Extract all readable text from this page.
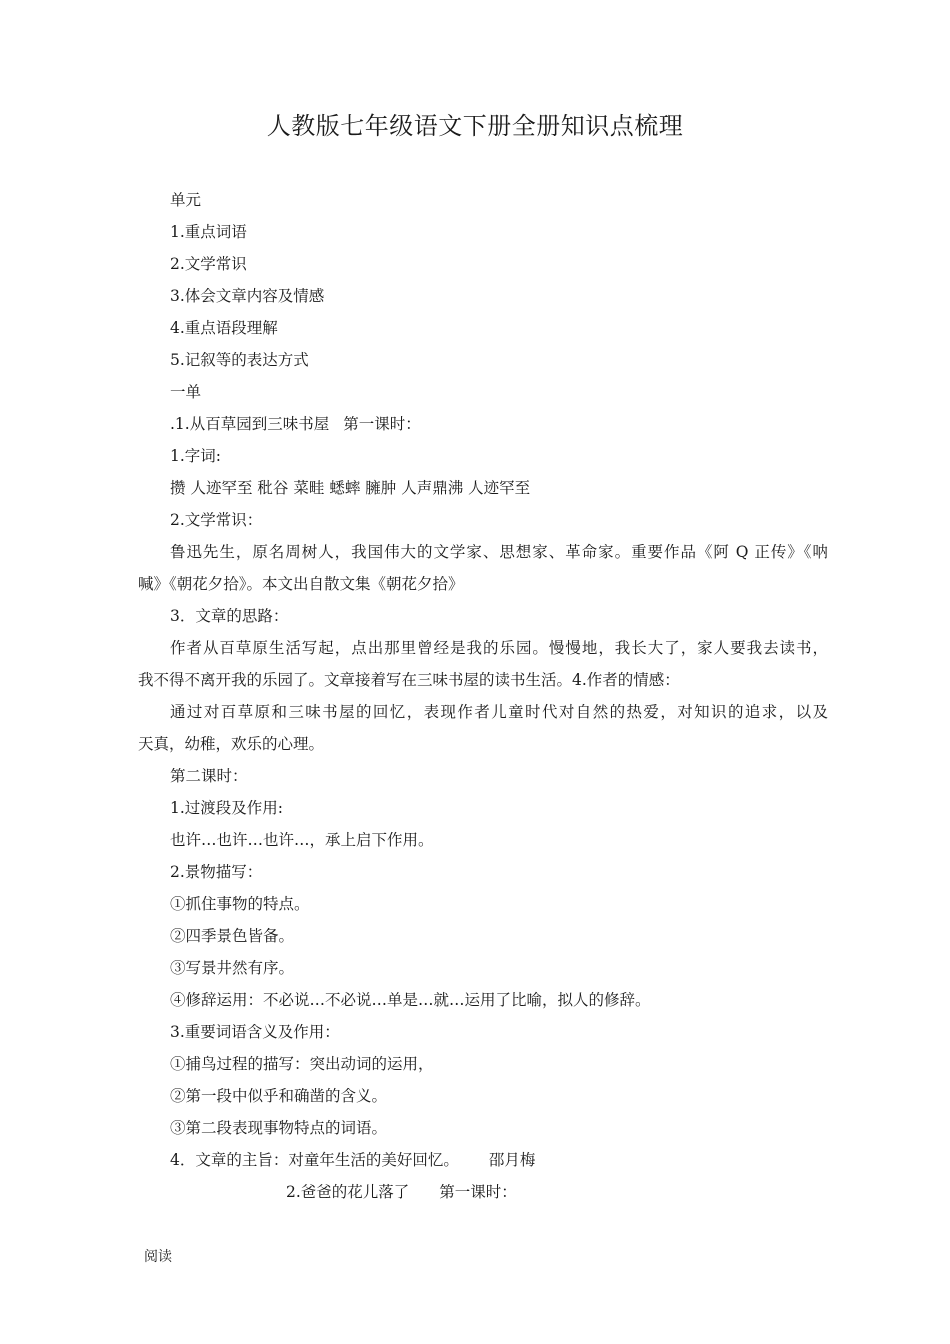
人教版七年级语文下册全册知识点梳理
单元
1.重点词语
2.文学常识
3.体会文章内容及情感
4.重点语段理解
5.记叙等的表达方式
一单
.1.从百草园到三味书屋 第一课时：
1.字词:
攒 人迹罕至 秕谷 菜畦 蟋蟀 臃肿 人声鼎沸 人迹罕至
2.文学常识：
鲁迅先生，原名周树人，我国伟大的文学家、思想家、革命家。重要作品《阿 Q 正传》《呐
喊》《朝花夕拾》。本文出自散文集《朝花夕拾》
3．文章的思路：
作者从百草原生活写起，点出那里曾经是我的乐园。慢慢地，我长大了，家人要我去读书，
我不得不离开我的乐园了。文章接着写在三味书屋的读书生活。4.作者的情感：
通过对百草原和三味书屋的回忆，表现作者儿童时代对自然的热爱，对知识的追求，以及
天真，幼稚，欢乐的心理。
第二课时：
1.过渡段及作用:
也许…也许…也许…，承上启下作用。
2.景物描写：
①抓住事物的特点。
②四季景色皆备。
③写景井然有序。
④修辞运用：不必说…不必说…单是…就…运用了比喻，拟人的修辞。
3.重要词语含义及作用：
①捕鸟过程的描写：突出动词的运用，
②第一段中似乎和确凿的含义。
③第二段表现事物特点的词语。
4．文章的主旨：对童年生活的美好回忆。 邵月梅
2.爸爸的花儿落了 第一课时：
阅读
